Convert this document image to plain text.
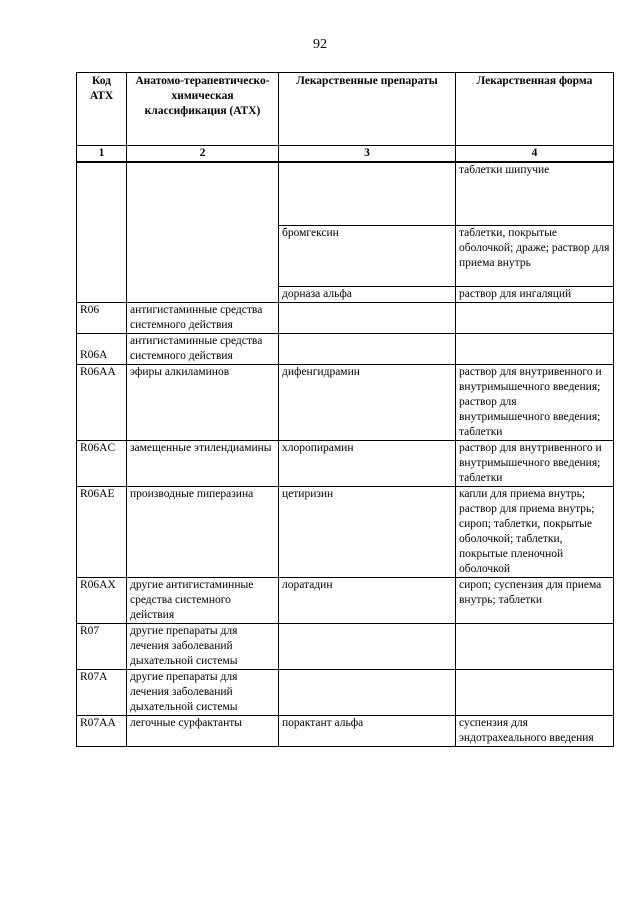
92
Код АТХ	Анатомо-терапевтическо-химическая классификация (АТХ)	Лекарственные препараты	Лекарственная форма
1	2	3	4
			таблетки шипучие
		бромгексин	таблетки, покрытые оболочкой; драже; раствор для приема внутрь
		дорназа альфа	раствор для ингаляций
R06	антигистаминные средства системного действия		
R06A	антигистаминные средства системного действия		
R06AA	эфиры алкиламинов	дифенгидрамин	раствор для внутривенного и внутримышечного введения; раствор для внутримышечного введения; таблетки
R06AC	замещенные этилендиамины	хлоропирамин	раствор для внутривенного и внутримышечного введения; таблетки
R06AE	производные пиперазина	цетиризин	капли для приема внутрь; раствор для приема внутрь; сироп; таблетки, покрытые оболочкой; таблетки, покрытые пленочной оболочкой
R06AX	другие антигистаминные средства системного действия	лоратадин	сироп; суспензия для приема внутрь; таблетки
R07	другие препараты для лечения заболеваний дыхательной системы		
R07A	другие препараты для лечения заболеваний дыхательной системы		
R07AA	легочные сурфактанты	порактант альфа	суспензия для эндотрахеального введения
